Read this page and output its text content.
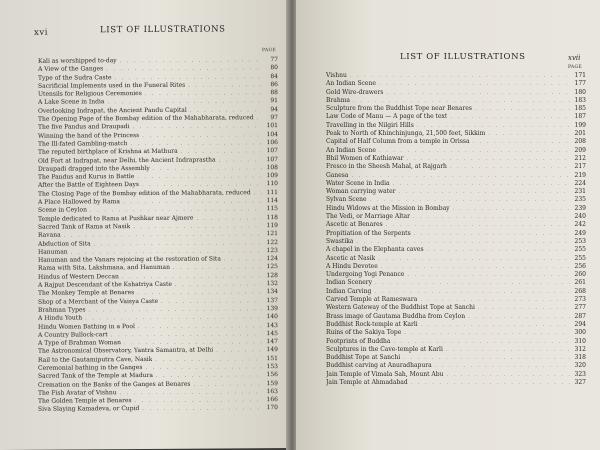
xvi	LIST OF ILLUSTRATIONS
PAGE
Kali as worshipped to-day . . .	77
A View of the Ganges . . .	80
Type of the Sudra Caste . . .	84
Sacrificial Implements used in the Funeral Rites . . .	86
Utensils for Religious Ceremonies . . .	88
A Lake Scene in India . . .	91
Overlooking Indrapat, the Ancient Pandu Capital . . .	94
The Opening Page of the Bombay edition of the Mahabharata, reduced . . .	97
The five Pandus and Draupadi . . .	101
Winning the hand of the Princess . . .	104
The Ill-fated Gambling-match . . .	106
The reputed birthplace of Krishna at Mathura . . .	107
Old Fort at Indrapat, near Delhi, the Ancient Indraprastha . . .	107
Draupadi dragged into the Assembly . . .	108
The Pandus and Kurus in Battle . . .	109
After the Battle of Eighteen Days . . .	110
The Closing Page of the Bombay edition of the Mahabharata, reduced . . .	111
A Place Hallowed by Rama . . .	114
Scene in Ceylon . . .	115
Temple dedicated to Rama at Pushkar near Ajmere . . .	118
Sacred Tank of Rama at Nasik . . .	119
Ravana . . .	121
Abduction of Sita . . .	122
Hanuman . . .	123
Hanuman and the Vanars rejoicing at the restoration of Sita . . .	124
Rama with Sita, Lakshmana, and Hanuman . . .	125
Hindus of Western Deccan . . .	128
A Rajput Descendant of the Kshatriya Caste . . .	132
The Monkey Temple at Benares . . .	134
Shop of a Merchant of the Vaisya Caste . . .	137
Brahman Types . . .	139
A Hindu Youth . . .	140
Hindu Women Bathing in a Pool . . .	143
A Country Bullock-cart . . .	145
A Type of Brahman Woman . . .	147
The Astronomical Observatory, Yantra Samantra, at Delhi . . .	149
Rail to the Gautamiputra Cave, Nasik . . .	151
Ceremonial bathing in the Ganges . . .	153
Sacred Tank of the Temple at Madura . . .	156
Cremation on the Banks of the Ganges at Benares . . .	159
The Fish Avatar of Vishnu . . .	163
The Golden Temple at Benares . . .	166
Siva Slaying Kamadeva, or Cupid . . .	170
LIST OF ILLUSTRATIONS	xvii
PAGE
Vishnu . . .	171
An Indian Scene . . .	177
Gold Wire-drawers . . .	180
Brahma . . .	183
Sculpture from the Buddhist Tope near Benares . . .	185
Law Code of Manu — A page of the text . . .	187
Travelling in the Nilgiri Hills . . .	199
Peak to North of Khinchinjunga, 21,500 feet, Sikkim . . .	201
Capital of Half Column from a temple in Orissa . . .	208
An Indian Scene . . .	209
Bhil Women of Kathiawar . . .	212
Fresco in the Sheesh Mahal, at Rajgarh . . .	217
Ganesa . . .	219
Water Scene in India . . .	224
Woman carrying water . . .	231
Sylvan Scene . . .	235
Hindu Widows at the Mission in Bombay . . .	239
The Vedi, or Marriage Altar . . .	240
Ascetic at Benares . . .	242
Propitiation of the Serpents . . .	249
Swastika . . .	253
A chapel in the Elephanta caves . . .	255
Ascetic at Nasik . . .	255
A Hindu Devotee . . .	256
Undergoing Yogi Penance . . .	260
Indian Scenery . . .	261
Indian Carving . . .	268
Carved Temple at Rameswara . . .	273
Western Gateway of the Buddhist Tope at Sanchi . . .	277
Brass image of Gautama Buddha from Ceylon . . .	287
Buddhist Rock-temple at Karli . . .	294
Ruins of the Sakiya Tope . . .	300
Footprints of Buddha . . .	310
Sculptures in the Cave-temple at Karli . . .	312
Buddhist Tope at Sanchi . . .	318
Buddhist carving at Anuradhapura . . .	320
Jain Temple of Vimala Sah, Mount Abu . . .	323
Jain Temple at Ahmadabad . . .	327
